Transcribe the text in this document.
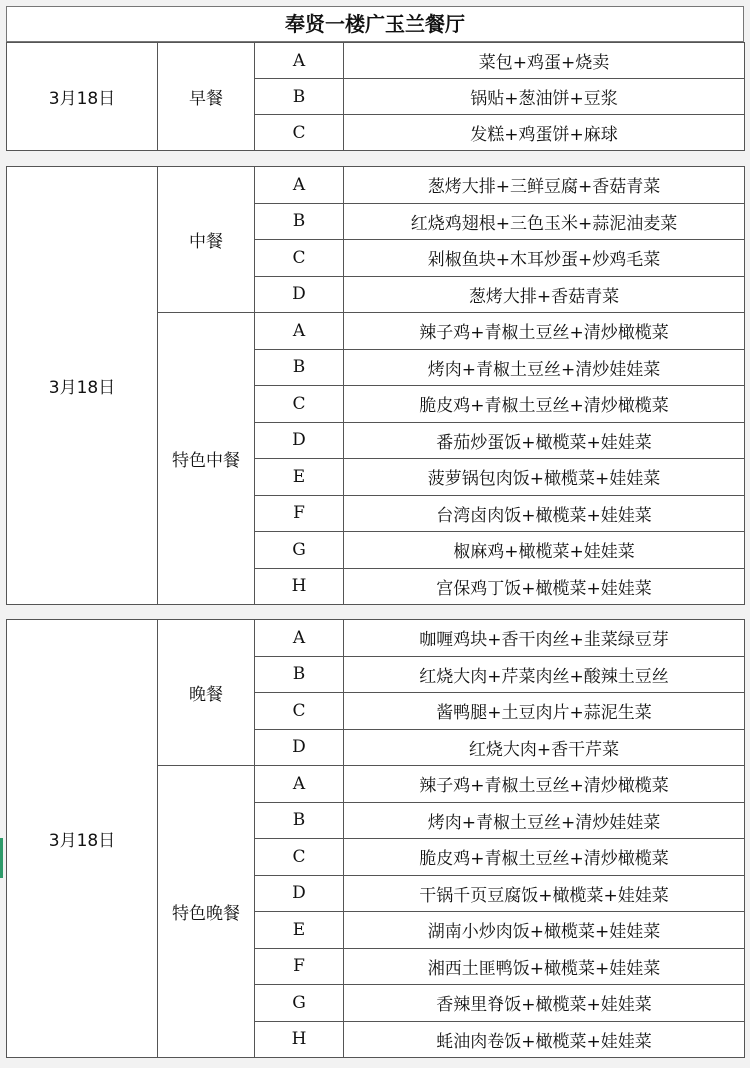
奉贤一楼广玉兰餐厅
3月18日	早餐	A	菜包+鸡蛋+烧卖
		B	锅贴+葱油饼+豆浆
		C	发糕+鸡蛋饼+麻球
3月18日	中餐	A	葱烤大排+三鲜豆腐+香菇青菜
		B	红烧鸡翅根+三色玉米+蒜泥油麦菜
		C	剁椒鱼块+木耳炒蛋+炒鸡毛菜
		D	葱烤大排+香菇青菜
	特色中餐	A	辣子鸡+青椒土豆丝+清炒橄榄菜
		B	烤肉+青椒土豆丝+清炒娃娃菜
		C	脆皮鸡+青椒土豆丝+清炒橄榄菜
		D	番茄炒蛋饭+橄榄菜+娃娃菜
		E	菠萝锅包肉饭+橄榄菜+娃娃菜
		F	台湾卤肉饭+橄榄菜+娃娃菜
		G	椒麻鸡+橄榄菜+娃娃菜
		H	宫保鸡丁饭+橄榄菜+娃娃菜
3月18日	晚餐	A	咖喱鸡块+香干肉丝+韭菜绿豆芽
		B	红烧大肉+芹菜肉丝+酸辣土豆丝
		C	酱鸭腿+土豆肉片+蒜泥生菜
		D	红烧大肉+香干芹菜
	特色晚餐	A	辣子鸡+青椒土豆丝+清炒橄榄菜
		B	烤肉+青椒土豆丝+清炒娃娃菜
		C	脆皮鸡+青椒土豆丝+清炒橄榄菜
		D	干锅千页豆腐饭+橄榄菜+娃娃菜
		E	湖南小炒肉饭+橄榄菜+娃娃菜
		F	湘西土匪鸭饭+橄榄菜+娃娃菜
		G	香辣里脊饭+橄榄菜+娃娃菜
		H	蚝油肉卷饭+橄榄菜+娃娃菜
